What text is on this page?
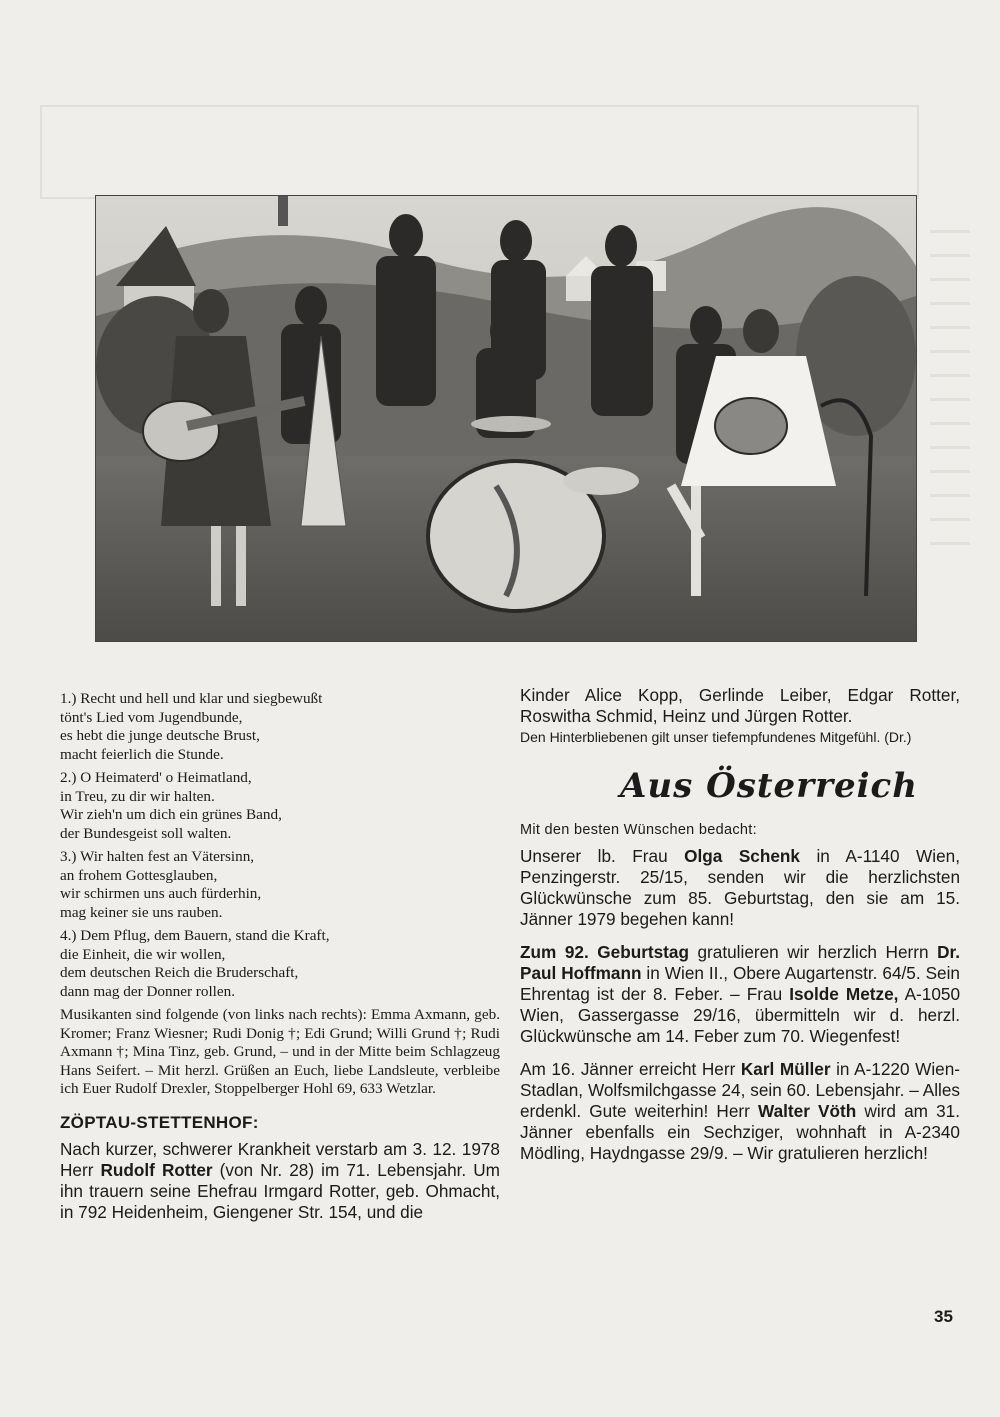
1.) Recht und hell und klar und siegbewußt
tönt's Lied vom Jugendbunde,
es hebt die junge deutsche Brust,
macht feierlich die Stunde.
2.) O Heimaterd' o Heimatland,
in Treu, zu dir wir halten.
Wir zieh'n um dich ein grünes Band,
der Bundesgeist soll walten.
3.) Wir halten fest an Vätersinn,
an frohem Gottesglauben,
wir schirmen uns auch fürderhin,
mag keiner sie uns rauben.
4.) Dem Pflug, dem Bauern, stand die Kraft,
die Einheit, die wir wollen,
dem deutschen Reich die Bruderschaft,
dann mag der Donner rollen.

Musikanten sind folgende (von links nach rechts): Emma Axmann, geb. Kromer; Franz Wiesner; Rudi Donig †; Edi Grund; Willi Grund †; Rudi Axmann †; Mina Tinz, geb. Grund, – und in der Mitte beim Schlagzeug Hans Seifert. – Mit herzl. Grüßen an Euch, liebe Landsleute, verbleibe ich Euer Rudolf Drexler, Stoppelberger Hohl 69, 633 Wetzlar.

ZÖPTAU-STETTENHOF:

Nach kurzer, schwerer Krankheit verstarb am 3. 12. 1978 Herr Rudolf Rotter (von Nr. 28) im 71. Lebensjahr. Um ihn trauern seine Ehefrau Irmgard Rotter, geb. Ohmacht, in 792 Heidenheim, Giengener Str. 154, und die

Kinder Alice Kopp, Gerlinde Leiber, Edgar Rotter, Roswitha Schmid, Heinz und Jürgen Rotter.

Den Hinterbliebenen gilt unser tiefempfundenes Mitgefühl. (Dr.)

Aus Österreich
Mit den besten Wünschen bedacht:

Unserer lb. Frau Olga Schenk in A-1140 Wien, Penzingerstr. 25/15, senden wir die herzlichsten Glückwünsche zum 85. Geburtstag, den sie am 15. Jänner 1979 begehen kann!

Zum 92. Geburtstag gratulieren wir herzlich Herrn Dr. Paul Hoffmann in Wien II., Obere Augartenstr. 64/5. Sein Ehrentag ist der 8. Feber. – Frau Isolde Metze, A-1050 Wien, Gassergasse 29/16, übermitteln wir d. herzl. Glückwünsche am 14. Feber zum 70. Wiegenfest!

Am 16. Jänner erreicht Herr Karl Müller in A-1220 Wien-Stadlan, Wolfsmilchgasse 24, sein 60. Lebensjahr. – Alles erdenkl. Gute weiterhin! Herr Walter Vöth wird am 31. Jänner ebenfalls ein Sechziger, wohnhaft in A-2340 Mödling, Haydngasse 29/9. – Wir gratulieren herzlich!

35
